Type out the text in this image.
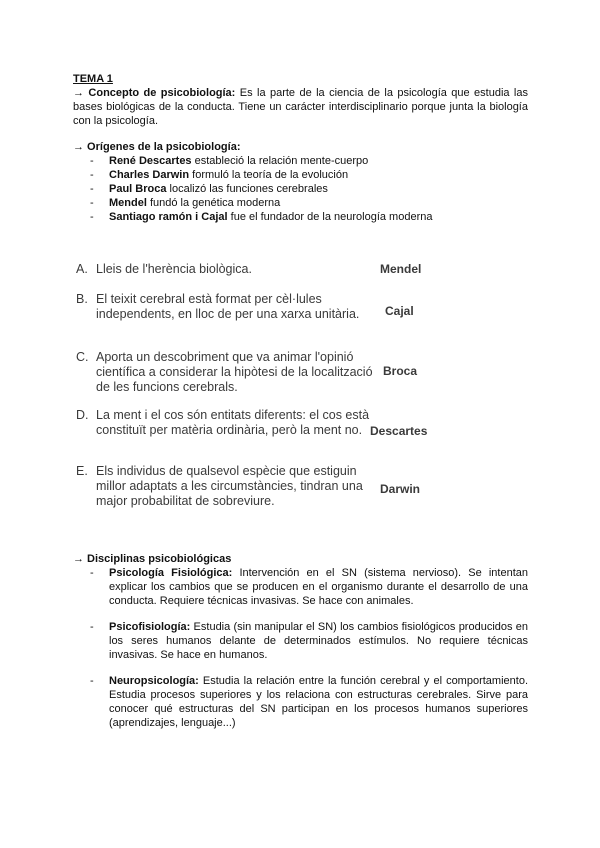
TEMA 1

→ Concepto de psicobiología: Es la parte de la ciencia de la psicología que estudia las bases biológicas de la conducta. Tiene un carácter interdisciplinario porque junta la biología con la psicología.

→ Orígenes de la psicobiología:
- René Descartes estableció la relación mente-cuerpo
- Charles Darwin formuló la teoría de la evolución
- Paul Broca localizó las funciones cerebrales
- Mendel fundó la genética moderna
- Santiago ramón i Cajal fue el fundador de la neurología moderna
A. Lleis de l'herència biològica.	Mendel
B. El teixit cerebral està format per cèl·lules independents, en lloc de per una xarxa unitària.	Cajal
C. Aporta un descobriment que va animar l'opinió científica a considerar la hipòtesi de la localització de les funcions cerebrals.
Broca
D. La ment i el cos són entitats diferents: el cos està constituït per matèria ordinària, però la ment no. Descartes
E. Els individus de qualsevol espècie que estiguin millor adaptats a les circumstàncies, tindran una major probabilitat de sobreviure.
Darwin
→ Disciplinas psicobiológicas
- Psicología Fisiológica: Intervención en el SN (sistema nervioso). Se intentan explicar los cambios que se producen en el organismo durante el desarrollo de una conducta. Requiere técnicas invasivas. Se hace con animales.
- Psicofisiología: Estudia (sin manipular el SN) los cambios fisiológicos producidos en los seres humanos delante de determinados estímulos. No requiere técnicas invasivas. Se hace en humanos.
- Neuropsicología: Estudia la relación entre la función cerebral y el comportamiento. Estudia procesos superiores y los relaciona con estructuras cerebrales. Sirve para conocer qué estructuras del SN participan en los procesos humanos superiores (aprendizajes, lenguaje...)
